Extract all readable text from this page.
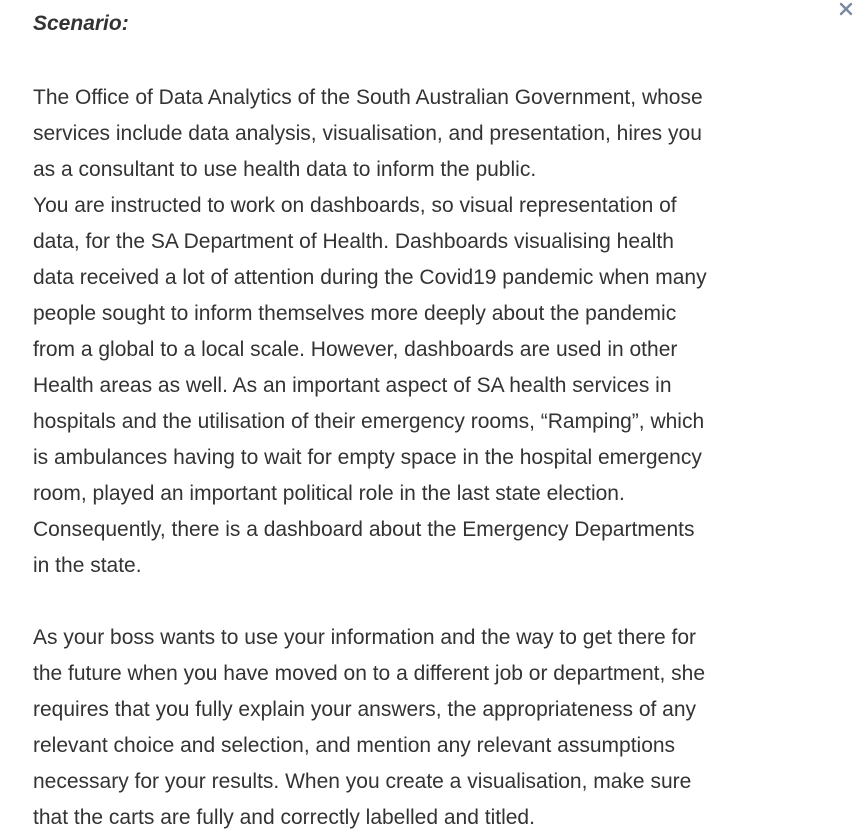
Scenario:

The Office of Data Analytics of the South Australian Government, whose
services include data analysis, visualisation, and presentation, hires you
as a consultant to use health data to inform the public.
You are instructed to work on dashboards, so visual representation of
data, for the SA Department of Health. Dashboards visualising health
data received a lot of attention during the Covid19 pandemic when many
people sought to inform themselves more deeply about the pandemic
from a global to a local scale. However, dashboards are used in other
Health areas as well. As an important aspect of SA health services in
hospitals and the utilisation of their emergency rooms, “Ramping”, which
is ambulances having to wait for empty space in the hospital emergency
room, played an important political role in the last state election.
Consequently, there is a dashboard about the Emergency Departments
in the state.

As your boss wants to use your information and the way to get there for
the future when you have moved on to a different job or department, she
requires that you fully explain your answers, the appropriateness of any
relevant choice and selection, and mention any relevant assumptions
necessary for your results. When you create a visualisation, make sure
that the carts are fully and correctly labelled and titled.
